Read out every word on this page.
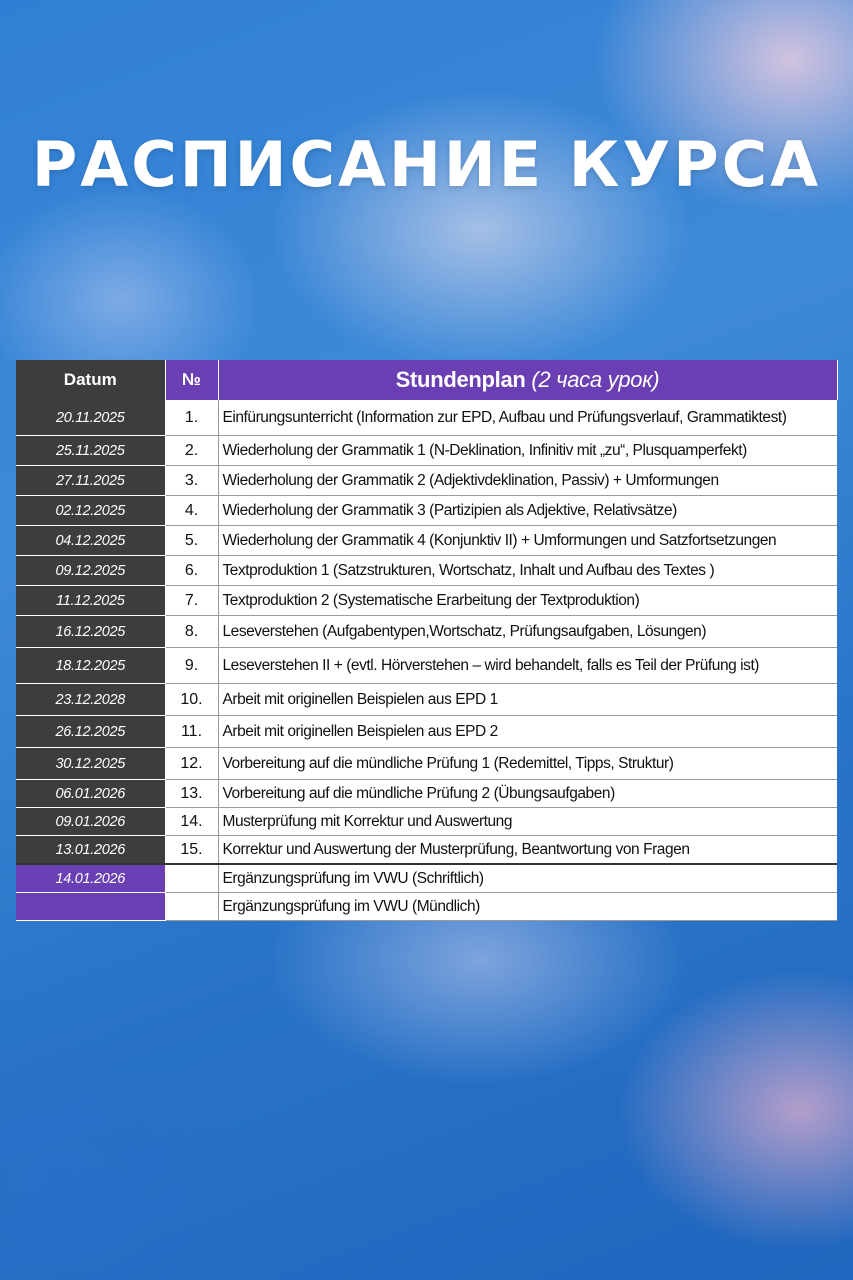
РАСПИСАНИЕ КУРСА
Datum	№	Stundenplan (2 часа урок)
20.11.2025	1.	Einfürungsunterricht (Information zur EPD, Aufbau und Prüfungsverlauf, Grammatiktest)
25.11.2025	2.	Wiederholung der Grammatik 1 (N-Deklination, Infinitiv mit „zu“, Plusquamperfekt)
27.11.2025	3.	Wiederholung der Grammatik 2 (Adjektivdeklination, Passiv) + Umformungen
02.12.2025	4.	Wiederholung der Grammatik 3 (Partizipien als Adjektive, Relativsätze)
04.12.2025	5.	Wiederholung der Grammatik 4 (Konjunktiv II) + Umformungen und Satzfortsetzungen
09.12.2025	6.	Textproduktion 1 (Satzstrukturen, Wortschatz, Inhalt und Aufbau des Textes )
11.12.2025	7.	Textproduktion 2 (Systematische Erarbeitung der Textproduktion)
16.12.2025	8.	Leseverstehen (Aufgabentypen,Wortschatz, Prüfungsaufgaben, Lösungen)
18.12.2025	9.	Leseverstehen II + (evtl. Hörverstehen – wird behandelt, falls es Teil der Prüfung ist)
23.12.2028	10.	Arbeit mit originellen Beispielen aus EPD 1
26.12.2025	11.	Arbeit mit originellen Beispielen aus EPD 2
30.12.2025	12.	Vorbereitung auf die mündliche Prüfung 1 (Redemittel, Tipps, Struktur)
06.01.2026	13.	Vorbereitung auf die mündliche Prüfung 2 (Übungsaufgaben)
09.01.2026	14.	Musterprüfung mit Korrektur und Auswertung
13.01.2026	15.	Korrektur und Auswertung der Musterprüfung, Beantwortung von Fragen
14.01.2026		Ergänzungsprüfung im VWU (Schriftlich)
		Ergänzungsprüfung im VWU (Mündlich)
